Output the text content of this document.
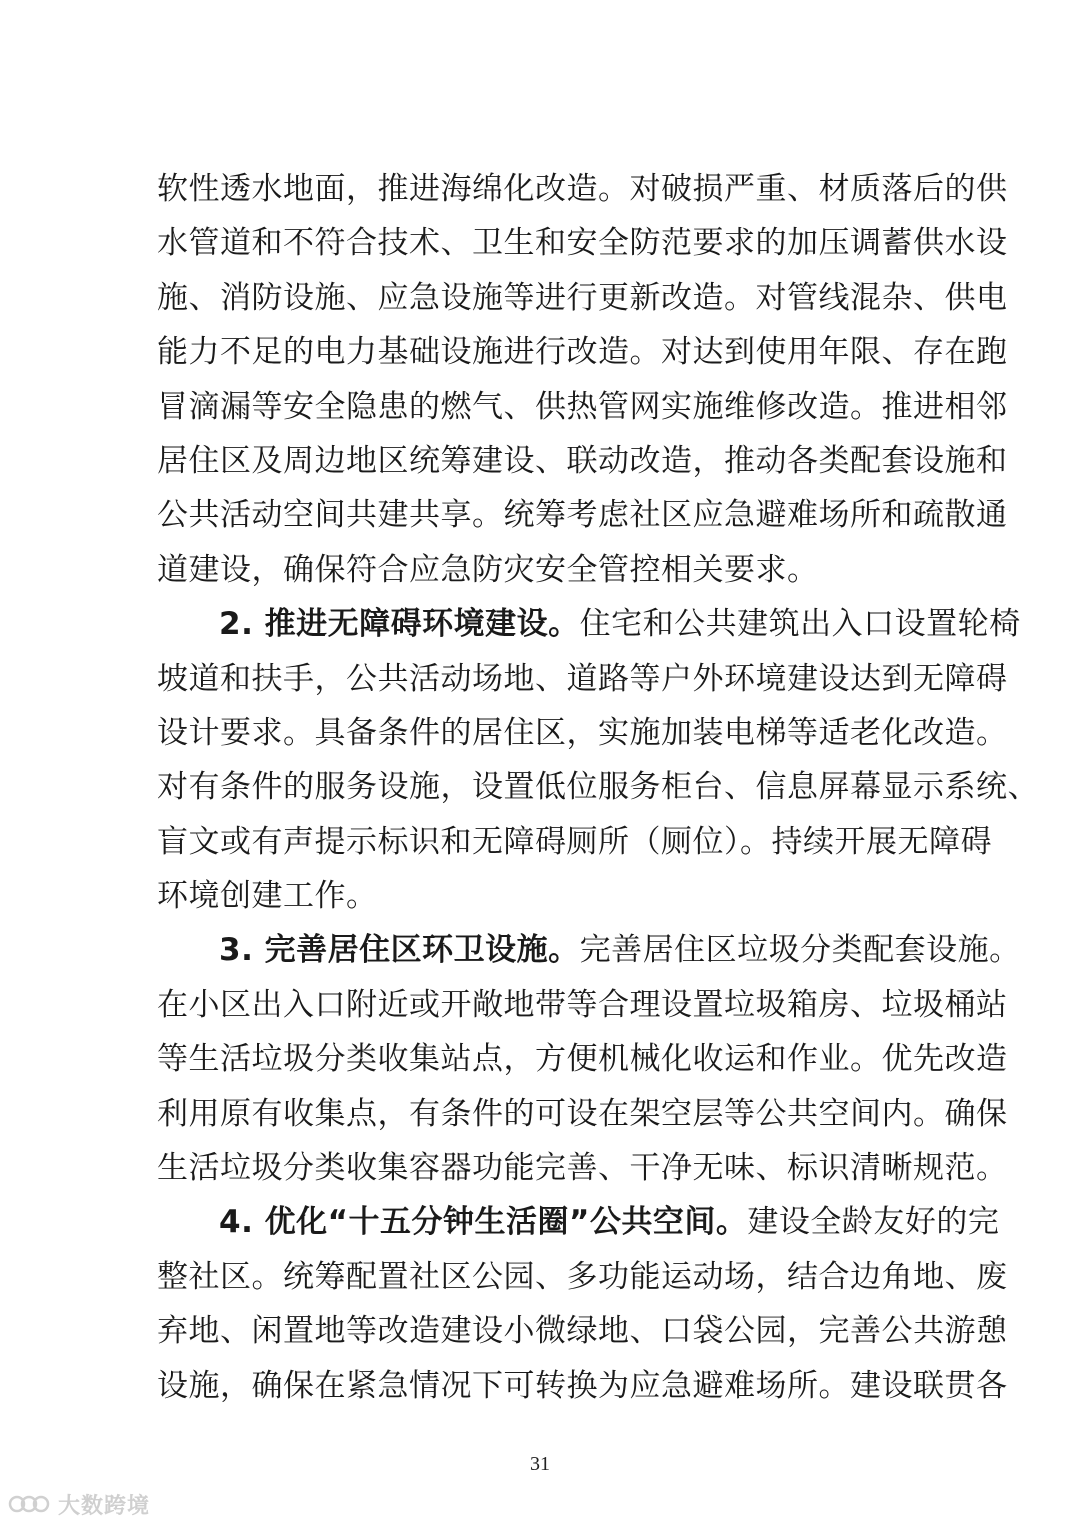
软性透水地面，推进海绵化改造。对破损严重、材质落后的供
水管道和不符合技术、卫生和安全防范要求的加压调蓄供水设
施、消防设施、应急设施等进行更新改造。对管线混杂、供电
能力不足的电力基础设施进行改造。对达到使用年限、存在跑
冒滴漏等安全隐患的燃气、供热管网实施维修改造。推进相邻
居住区及周边地区统筹建设、联动改造，推动各类配套设施和
公共活动空间共建共享。统筹考虑社区应急避难场所和疏散通
道建设，确保符合应急防灾安全管控相关要求。
2. 推进无障碍环境建设。住宅和公共建筑出入口设置轮椅
坡道和扶手，公共活动场地、道路等户外环境建设达到无障碍
设计要求。具备条件的居住区，实施加装电梯等适老化改造。
对有条件的服务设施，设置低位服务柜台、信息屏幕显示系统、
盲文或有声提示标识和无障碍厕所（厕位）。持续开展无障碍
环境创建工作。
3. 完善居住区环卫设施。完善居住区垃圾分类配套设施。
在小区出入口附近或开敞地带等合理设置垃圾箱房、垃圾桶站
等生活垃圾分类收集站点，方便机械化收运和作业。优先改造
利用原有收集点，有条件的可设在架空层等公共空间内。确保
生活垃圾分类收集容器功能完善、干净无味、标识清晰规范。
4. 优化“十五分钟生活圈”公共空间。建设全龄友好的完
整社区。统筹配置社区公园、多功能运动场，结合边角地、废
弃地、闲置地等改造建设小微绿地、口袋公园，完善公共游憩
设施，确保在紧急情况下可转换为应急避难场所。建设联贯各
31
大数跨境
